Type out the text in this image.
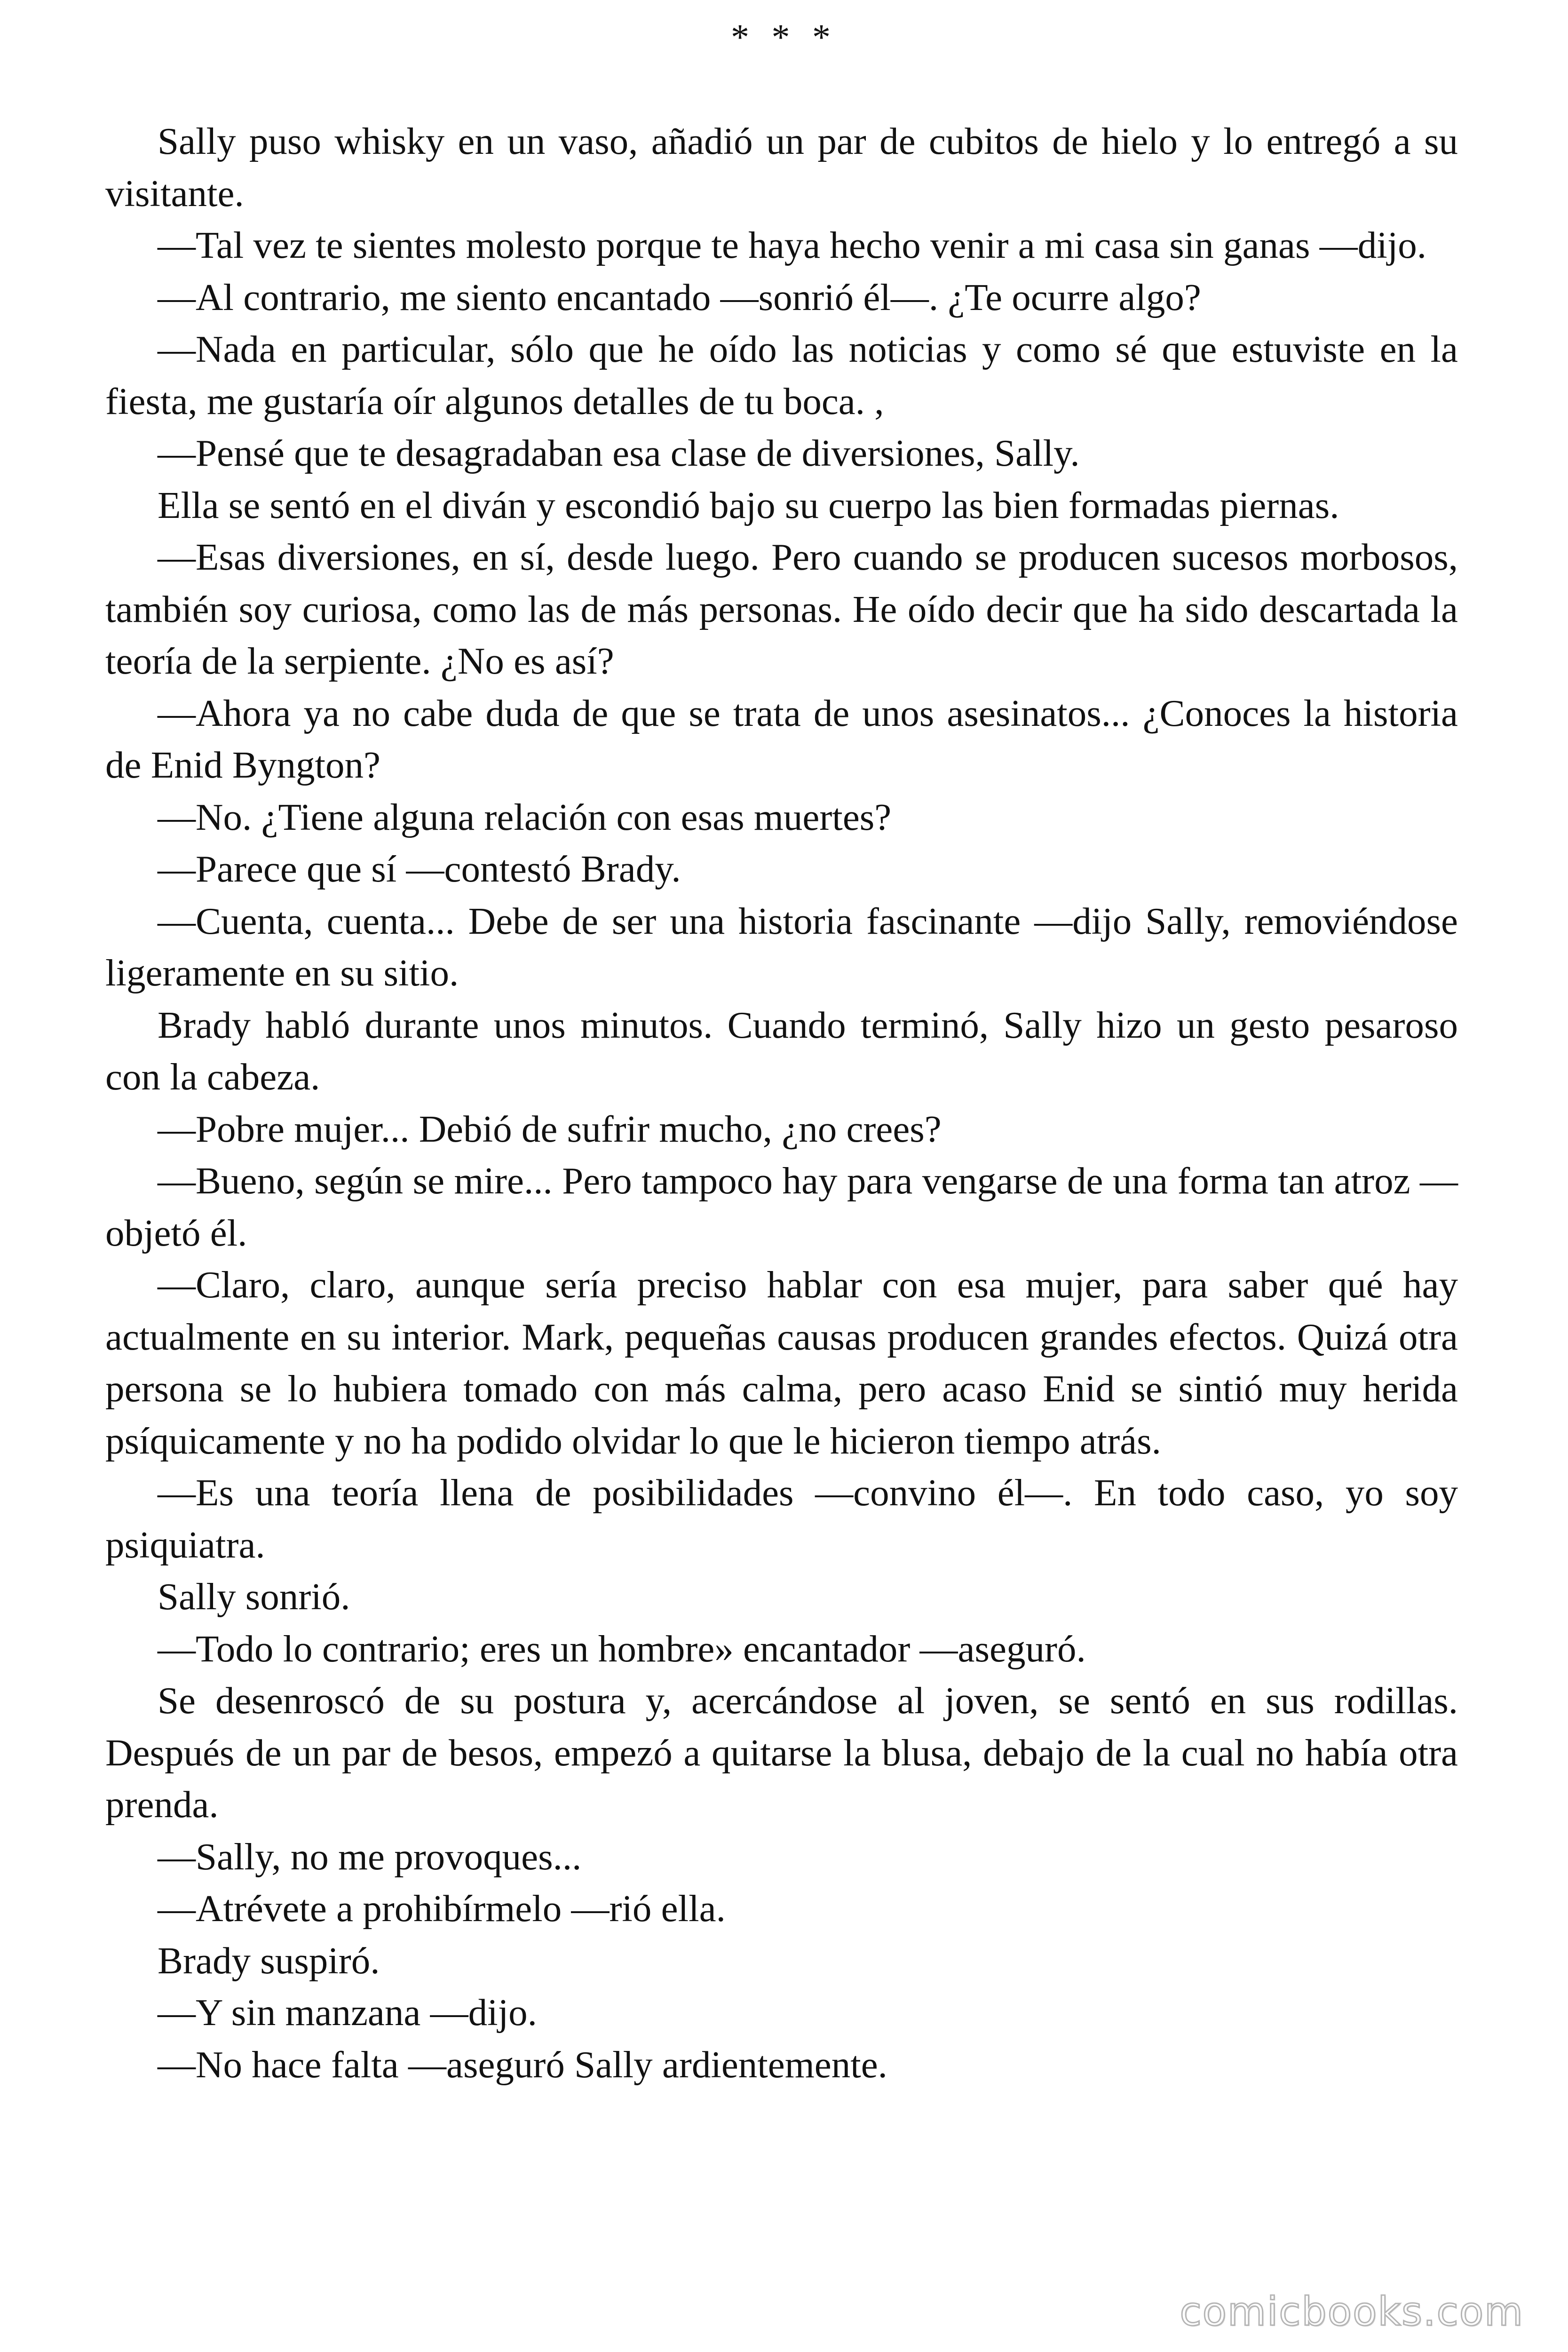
* * *

Sally puso whisky en un vaso, añadió un par de cubitos de hielo y lo entregó a su visitante.

—Tal vez te sientes molesto porque te haya hecho venir a mi casa sin ganas —dijo.

—Al contrario, me siento encantado —sonrió él—. ¿Te ocurre algo?

—Nada en particular, sólo que he oído las noticias y como sé que estuviste en la fiesta, me gustaría oír algunos detalles de tu boca. ,

—Pensé que te desagradaban esa clase de diversiones, Sally.

Ella se sentó en el diván y escondió bajo su cuerpo las bien formadas piernas.

—Esas diversiones, en sí, desde luego. Pero cuando se producen sucesos morbosos, también soy curiosa, como las de más personas. He oído decir que ha sido descartada la teoría de la serpiente. ¿No es así?

—Ahora ya no cabe duda de que se trata de unos asesinatos... ¿Conoces la historia de Enid Byngton?

—No. ¿Tiene alguna relación con esas muertes?

—Parece que sí —contestó Brady.

—Cuenta, cuenta... Debe de ser una historia fascinante —dijo Sally, removiéndose ligeramente en su sitio.

Brady habló durante unos minutos. Cuando terminó, Sally hizo un gesto pesaroso con la cabeza.

—Pobre mujer... Debió de sufrir mucho, ¿no crees?

—Bueno, según se mire... Pero tampoco hay para vengarse de una forma tan atroz —objetó él.

—Claro, claro, aunque sería preciso hablar con esa mujer, para saber qué hay actualmente en su interior. Mark, pequeñas causas producen grandes efectos. Quizá otra persona se lo hubiera tomado con más calma, pero acaso Enid se sintió muy herida psíquicamente y no ha podido olvidar lo que le hicieron tiempo atrás.

—Es una teoría llena de posibilidades —convino él—. En todo caso, yo soy psiquiatra.

Sally sonrió.

—Todo lo contrario; eres un hombre» encantador —aseguró.

Se desenroscó de su postura y, acercándose al joven, se sentó en sus rodillas. Después de un par de besos, empezó a quitarse la blusa, debajo de la cual no había otra prenda.

—Sally, no me provoques...

—Atrévete a prohibírmelo —rió ella.

Brady suspiró.

—Y sin manzana —dijo.

—No hace falta —aseguró Sally ardientemente.

comicbooks.com
